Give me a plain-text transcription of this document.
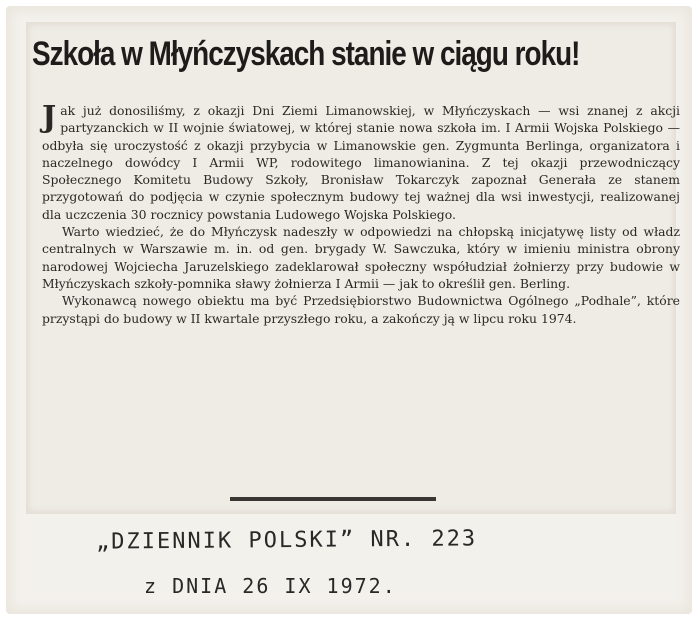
Szkoła w Młyńczyskach stanie w ciągu roku!

Jak już donosiliśmy, z okazji Dni Ziemi Limanowskiej, w Młyńczyskach — wsi znanej z akcji partyzanckich w II wojnie światowej, w której stanie nowa szkoła im. I Armii Wojska Polskiego — odbyła się uroczystość z okazji przybycia w Limanowskie gen. Zygmunta Berlinga, organizatora i naczelnego dowódcy I Armii WP, rodowitego limanowianina. Z tej okazji przewodniczący Społecznego Komitetu Budowy Szkoły, Bronisław Tokarczyk zapoznał Generała ze stanem przygotowań do podjęcia w czynie społecznym budowy tej ważnej dla wsi inwestycji, realizowanej dla uczczenia 30 rocznicy powstania Ludowego Wojska Polskiego.

Warto wiedzieć, że do Młyńczysk nadeszły w odpowiedzi na chłopską inicjatywę listy od władz centralnych w Warszawie m. in. od gen. brygady W. Sawczuka, który w imieniu ministra obrony narodowej Wojciecha Jaruzelskiego zadeklarował społeczny współudział żołnierzy przy budowie w Młyńczyskach szkoły-pomnika sławy żołnierza I Armii — jak to określił gen. Berling.

Wykonawcą nowego obiektu ma być Przedsiębiorstwo Budownictwa Ogólnego „Podhale”, które przystąpi do budowy w II kwartale przyszłego roku, a zakończy ją w lipcu roku 1974.

„DZIENNIK POLSKI” NR. 223
z DNIA 26 IX 1972.
